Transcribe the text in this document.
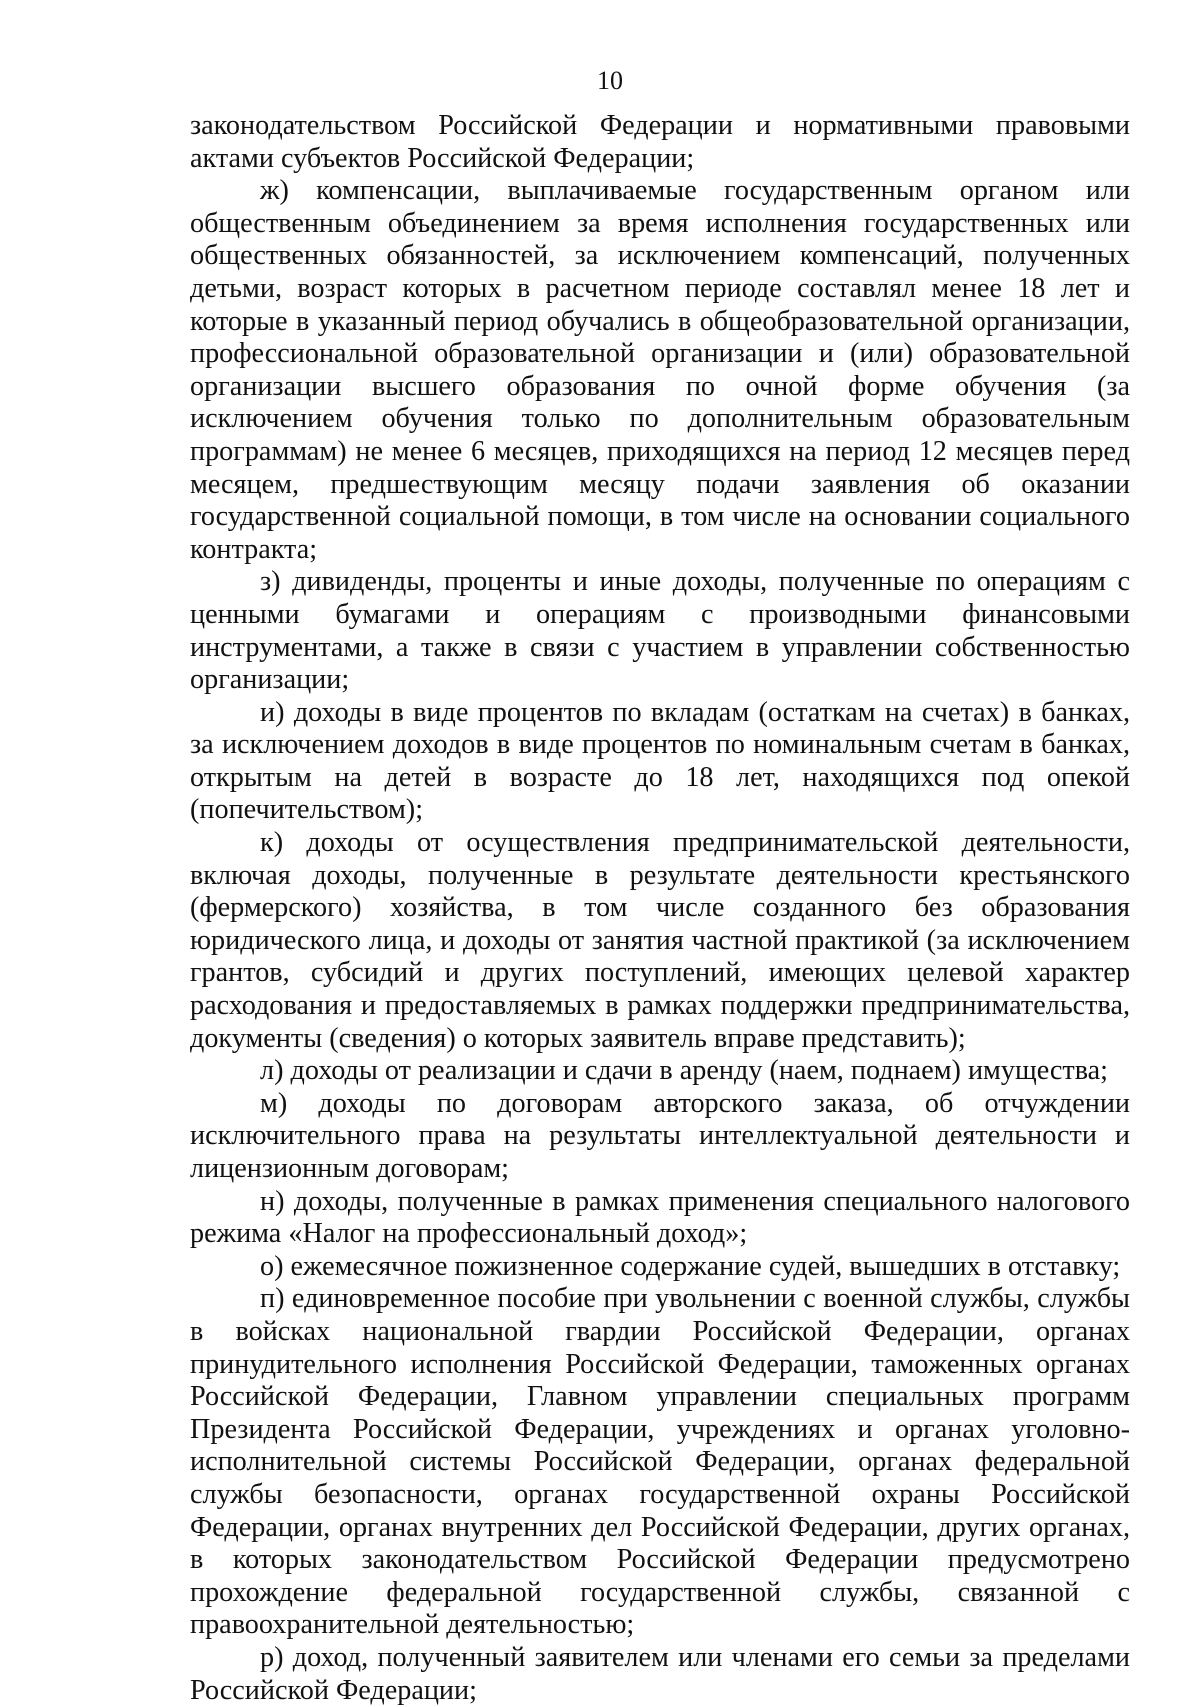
10

законодательством Российской Федерации и нормативными правовыми актами субъектов Российской Федерации;

ж) компенсации, выплачиваемые государственным органом или общественным объединением за время исполнения государственных или общественных обязанностей, за исключением компенсаций, полученных детьми, возраст которых в расчетном периоде составлял менее 18 лет и которые в указанный период обучались в общеобразовательной организации, профессиональной образовательной организации и (или) образовательной организации высшего образования по очной форме обучения (за исключением обучения только по дополнительным образовательным программам) не менее 6 месяцев, приходящихся на период 12 месяцев перед месяцем, предшествующим месяцу подачи заявления об оказании государственной социальной помощи, в том числе на основании социального контракта;

з) дивиденды, проценты и иные доходы, полученные по операциям с ценными бумагами и операциям с производными финансовыми инструментами, а также в связи с участием в управлении собственностью организации;

и) доходы в виде процентов по вкладам (остаткам на счетах) в банках, за исключением доходов в виде процентов по номинальным счетам в банках, открытым на детей в возрасте до 18 лет, находящихся под опекой (попечительством);

к) доходы от осуществления предпринимательской деятельности, включая доходы, полученные в результате деятельности крестьянского (фермерского) хозяйства, в том числе созданного без образования юридического лица, и доходы от занятия частной практикой (за исключением грантов, субсидий и других поступлений, имеющих целевой характер расходования и предоставляемых в рамках поддержки предпринимательства, документы (сведения) о которых заявитель вправе представить);

л) доходы от реализации и сдачи в аренду (наем, поднаем) имущества;

м) доходы по договорам авторского заказа, об отчуждении исключительного права на результаты интеллектуальной деятельности и лицензионным договорам;

н) доходы, полученные в рамках применения специального налогового режима «Налог на профессиональный доход»;

о) ежемесячное пожизненное содержание судей, вышедших в отставку;

п) единовременное пособие при увольнении с военной службы, службы в войсках национальной гвардии Российской Федерации, органах принудительного исполнения Российской Федерации, таможенных органах Российской Федерации, Главном управлении специальных программ Президента Российской Федерации, учреждениях и органах уголовно-исполнительной системы Российской Федерации, органах федеральной службы безопасности, органах государственной охраны Российской Федерации, органах внутренних дел Российской Федерации, других органах, в которых законодательством Российской Федерации предусмотрено прохождение федеральной государственной службы, связанной с правоохранительной деятельностью;

р) доход, полученный заявителем или членами его семьи за пределами Российской Федерации;
